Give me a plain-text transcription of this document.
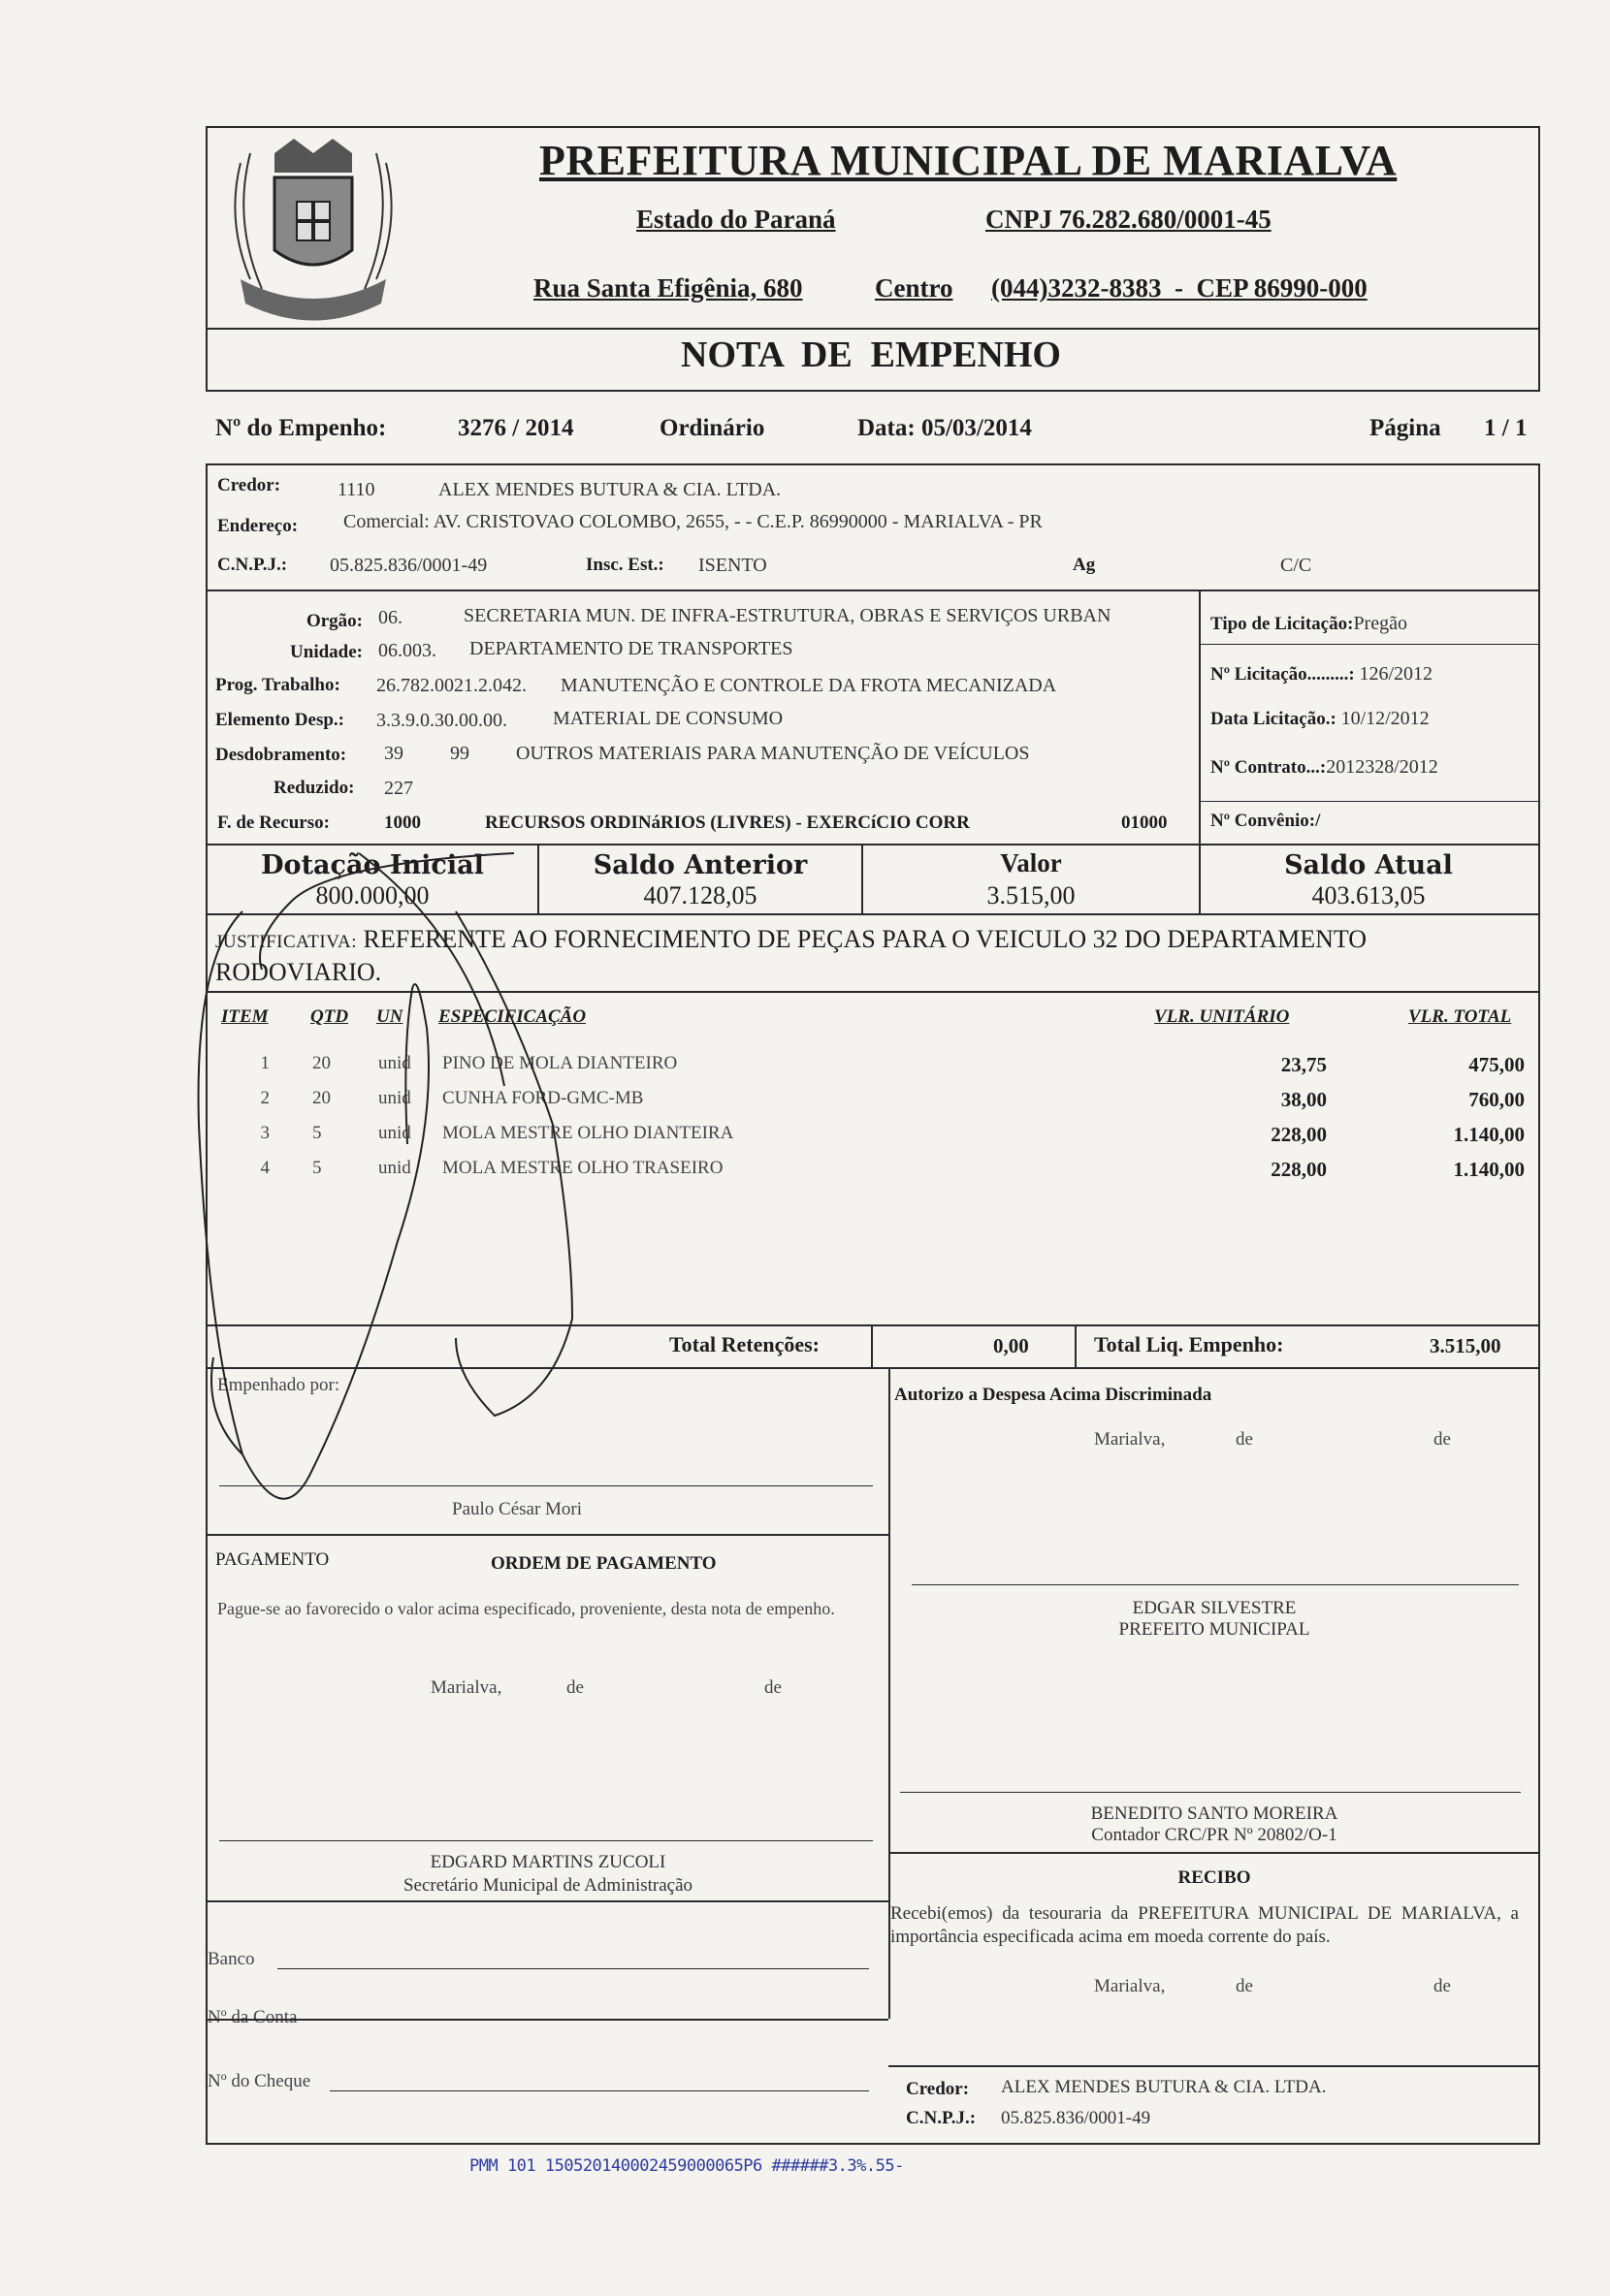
PREFEITURA MUNICIPAL DE MARIALVA
Estado do Paraná	CNPJ 76.282.680/0001-45
Rua Santa Efigênia, 680	Centro (044)3232-8383  -  CEP 86990-000
NOTA  DE  EMPENHO
Nº do Empenho:	3276 / 2014	Ordinário	Data: 05/03/2014	Página 1 / 1
Credor:	1110	ALEX MENDES BUTURA & CIA. LTDA.
Endereço: Comercial: AV. CRISTOVAO COLOMBO, 2655, - - C.E.P. 86990000 - MARIALVA - PR
C.N.P.J.: 05.825.836/0001-49	Insc. Est.: ISENTO	Ag	C/C
Orgão: 06.	SECRETARIA MUN. DE INFRA-ESTRUTURA, OBRAS E SERVIÇOS URBAN
Unidade: 06.003. DEPARTAMENTO DE TRANSPORTES
Prog. Trabalho: 26.782.0021.2.042. MANUTENÇÃO E CONTROLE DA FROTA MECANIZADA
Elemento Desp.: 3.3.9.0.30.00.00. MATERIAL DE CONSUMO
Desdobramento: 39 99 OUTROS MATERIAIS PARA MANUTENÇÃO DE VEÍCULOS
Reduzido: 227
F. de Recurso:	1000	RECURSOS ORDINáRIOS (LIVRES) - EXERCíCIO CORR	01000
Tipo de Licitação:Pregão
Nº Licitação.........: 126/2012
Data Licitação.: 10/12/2012
Nº Contrato...:2012328/2012
Nº Convênio:/
Dotação Inicial
800.000,00
Saldo Anterior
407.128,05
Valor
3.515,00
Saldo Atual
403.613,05
JUSTIFICATIVA: REFERENTE AO FORNECIMENTO DE PEÇAS PARA O VEICULO 32 DO DEPARTAMENTO
RODOVIARIO.
ITEM QTD UN ESPECIFICAÇÃO	VLR. UNITÁRIO	VLR. TOTAL
1 20	unid	PINO DE MOLA DIANTEIRO	23,75	475,00
2 20	unid	CUNHA FORD-GMC-MB	38,00	760,00
3 5	unid	MOLA MESTRE OLHO DIANTEIRA	228,00	1.140,00
4 5	unid	MOLA MESTRE OLHO TRASEIRO	228,00	1.140,00
Total Retenções:	0,00	Total Liq. Empenho:	3.515,00
Empenhado por:
Paulo César Mori
Autorizo a Despesa Acima Discriminada
Marialva,	de	de
PAGAMENTO	ORDEM DE PAGAMENTO
Pague-se ao favorecido o valor acima especificado, proveniente, desta nota de empenho.
Marialva,	de	de
EDGAR SILVESTRE
PREFEITO MUNICIPAL
BENEDITO SANTO MOREIRA
Contador CRC/PR Nº 20802/O-1
EDGARD MARTINS ZUCOLI
Secretário Municipal de Administração	RECIBO
Recebi(emos) da tesouraria da PREFEITURA MUNICIPAL DE MARIALVA, a importância especificada acima em moeda corrente do país.
Marialva,	de	de
Banco
Nº da Conta
Nº do Cheque	Credor: ALEX MENDES BUTURA & CIA. LTDA.
C.N.P.J.: 05.825.836/0001-49
PMM 101 150520140002459000065P6 ######3.3%.55-
